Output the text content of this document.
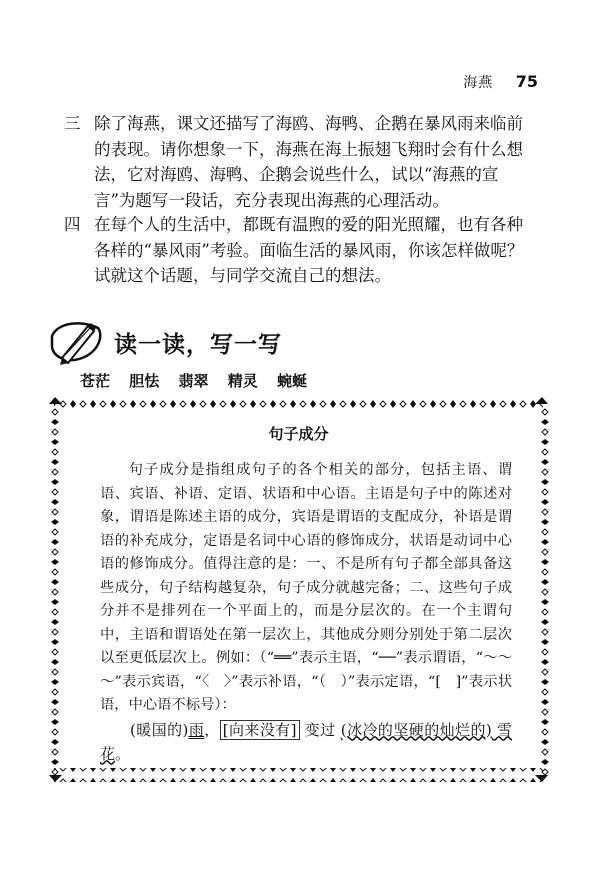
海燕 75
三 除了海燕，课文还描写了海鸥、海鸭、企鹅在暴风雨来临前的表现。请你想象一下，海燕在海上振翅飞翔时会有什么想法，它对海鸥、海鸭、企鹅会说些什么，试以“海燕的宣言”为题写一段话，充分表现出海燕的心理活动。
四 在每个人的生活中，都既有温煦的爱的阳光照耀，也有各种各样的“暴风雨”考验。面临生活的暴风雨，你该怎样做呢？试就这个话题，与同学交流自己的想法。
读一读，写一写
苍茫 胆怯 翡翠 精灵 蜿蜒
句子成分

句子成分是指组成句子的各个相关的部分，包括主语、谓语、宾语、补语、定语、状语和中心语。主语是句子中的陈述对象，谓语是陈述主语的成分，宾语是谓语的支配成分，补语是谓语的补充成分，定语是名词中心语的修饰成分，状语是动词中心语的修饰成分。值得注意的是：一、不是所有句子都全部具备这些成分，句子结构越复杂，句子成分就越完备；二、这些句子成分并不是排列在一个平面上的，而是分层次的。在一个主谓句中，主语和谓语处在第一层次上，其他成分则分别处于第二层次以至更低层次上。例如：（“══”表示主语，“──”表示谓语，“～～～”表示宾语，“〈　〉”表示补语，“（　）”表示定语，“[　]”表示状语，中心语不标号）：

(暖国的)雨， [向来没有] 变过 (冰冷的坚硬的灿烂的) 雪花。
